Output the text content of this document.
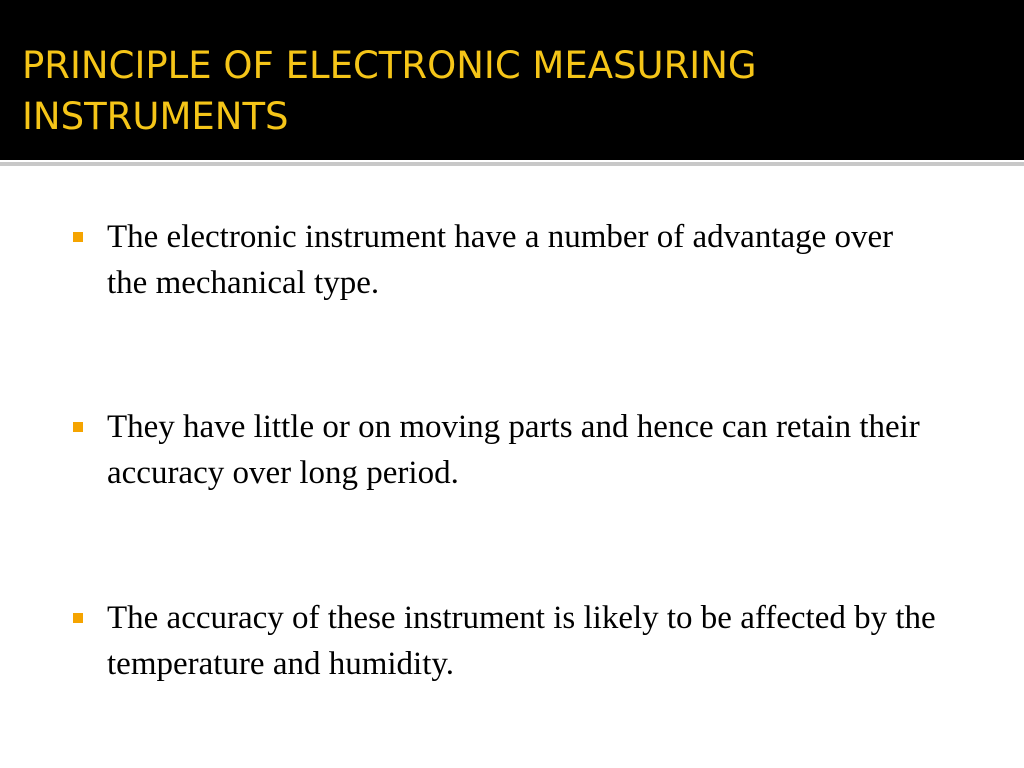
PRINCIPLE OF ELECTRONIC MEASURING INSTRUMENTS
The electronic instrument have a number of advantage over the mechanical type.
They have little or on moving parts and hence can retain their accuracy over long period.
The accuracy of these instrument is likely to be affected by the temperature and humidity.
